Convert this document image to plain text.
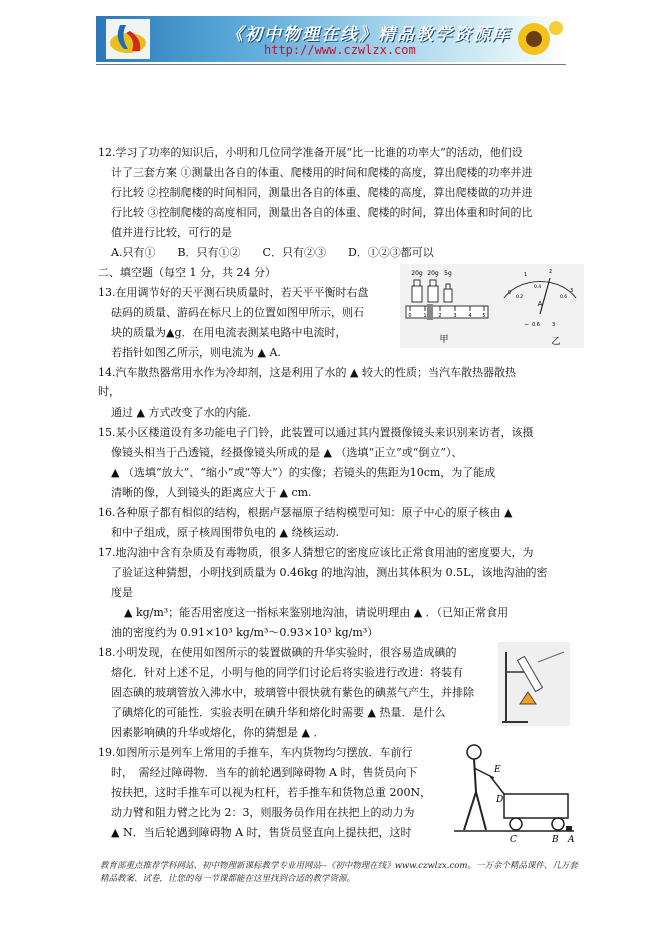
《初中物理在线》精品教学资源库
http://www.czwlzx.com
12.学习了功率的知识后，小明和几位同学准备开展“比一比谁的功率大”的活动，他们设
计了三套方案 ①测量出各自的体重、爬楼用的时间和爬楼的高度，算出爬楼的功率并进
行比较 ②控制爬楼的时间相同，测量出各自的体重、爬楼的高度，算出爬楼做的功并进
行比较 ③控制爬楼的高度相同，测量出各自的体重、爬楼的时间，算出体重和时间的比
值并进行比较，可行的是
A.只有①　　B．只有①②　　C．只有②③　　D．①②③都可以
二、填空题（每空 1 分，共 24 分）
13.在用调节好的天平测石块质量时，若天平平衡时右盘
砝码的质量、游码在标尺上的位置如图甲所示，则石
块的质量为▲g．在用电流表测某电路中电流时，
若指针如图乙所示，则电流为 ▲ A.
20g 20g 5g
0 1 2 3 4 5
甲
0
1	2
3
0.2
0.4
0.6
A
0.6 3
−
乙
14.汽车散热器常用水作为冷却剂，这是利用了水的 ▲ 较大的性质；当汽车散热器散热
时，
通过 ▲ 方式改变了水的内能．
15.某小区楼道设有多功能电子门铃，此装置可以通过其内置摄像镜头来识别来访者，该摄
像镜头相当于凸透镜，经摄像镜头所成的是 ▲ （选填“正立”或“倒立”）、
▲ （选填“放大”、“缩小”或“等大”）的实像；若镜头的焦距为10cm，为了能成
清晰的像，人到镜头的距离应大于 ▲ cm.
16.各种原子都有相似的结构，根据卢瑟福原子结构模型可知：原子中心的原子核由 ▲
和中子组成，原子核周围带负电的 ▲ 绕核运动.
17.地沟油中含有杂质及有毒物质，很多人猜想它的密度应该比正常食用油的密度要大，为
了验证这种猜想，小明找到质量为 0.46kg 的地沟油，测出其体积为 0.5L，该地沟油的密
度是
▲ kg/m³；能否用密度这一指标来鉴别地沟油，请说明理由 ▲ ．（已知正常食用
油的密度约为 0.91×10³ kg/m³～0.93×10³ kg/m³）
18.小明发现，在使用如图所示的装置做碘的升华实验时，很容易造成碘的
熔化．针对上述不足，小明与他的同学们讨论后将实验进行改进：将装有
固态碘的玻璃管放入沸水中，玻璃管中很快就有紫色的碘蒸气产生，并排除
了碘熔化的可能性．实验表明在碘升华和熔化时需要 ▲ 热量．是什么
因素影响碘的升华或熔化，你的猜想是 ▲ ．
19.如图所示是列车上常用的手推车，车内货物均匀摆放．车前行
时，　需经过障碍物．当车的前轮遇到障碍物 A 时，售货员向下
按扶把，这时手推车可以视为杠杆，若手推车和货物总重 200N，
动力臂和阻力臂之比为 2：3，则服务员作用在扶把上的动力为
▲ N．当后轮遇到障碍物 A 时，售货员竖直向上提扶把，这时
E
D
C	B A
教育部重点推荐学科网站、初中物理新课标教学专业用网站--《初中物理在线》www.czwlzx.com。一万余个精品课件、几万套精品教案、试卷，让您的每一节课都能在这里找到合适的教学资源。
